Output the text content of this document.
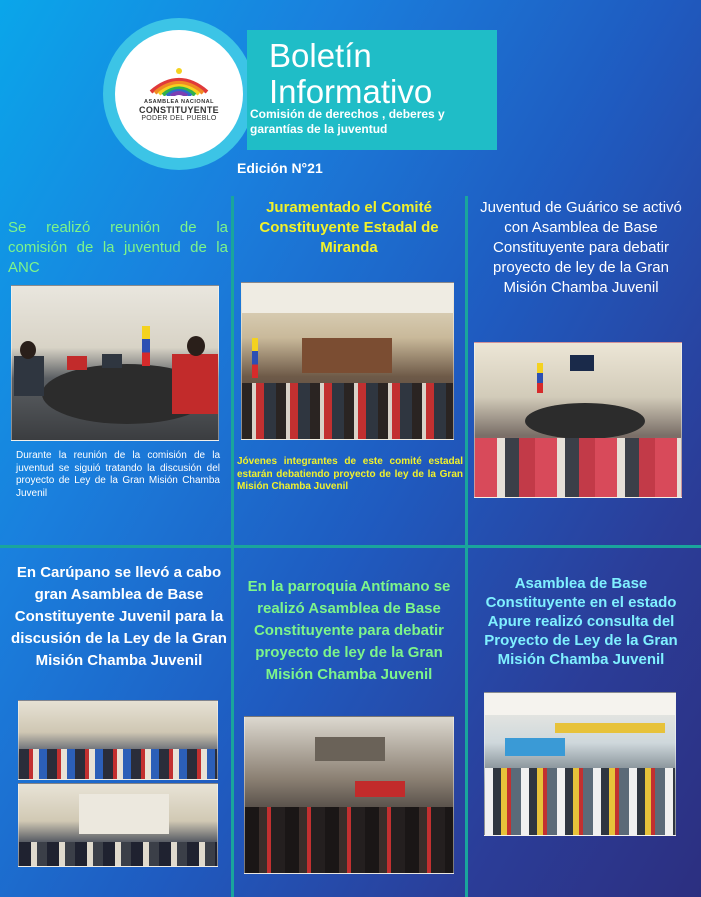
ASAMBLEA NACIONAL
CONSTITUYENTE
PODER DEL PUEBLO
Boletín
Informativo
Comisión de derechos , deberes y
garantías de la juventud
Edición N°21
Se realizó reunión de la comisión de la juventud de la ANC
Durante la reunión de la comisión de la juventud se siguió tratando la discusión del proyecto de Ley de la Gran Misión Chamba Juvenil
Juramentado el Comité Constituyente Estadal de Miranda
Jóvenes integrantes de este comité estadal estarán debatiendo proyecto de ley de la Gran Misión Chamba Juvenil
Juventud de Guárico se activó con Asamblea de Base Constituyente para debatir proyecto de ley de la Gran Misión Chamba Juvenil
En Carúpano se llevó a cabo gran Asamblea de Base Constituyente Juvenil para la discusión de la Ley de la Gran Misión Chamba Juvenil
En la parroquia Antímano se realizó Asamblea de Base Constituyente para debatir proyecto de ley de la Gran Misión Chamba Juvenil
Asamblea de Base Constituyente en el estado Apure realizó consulta del Proyecto de Ley de la Gran Misión Chamba Juvenil
